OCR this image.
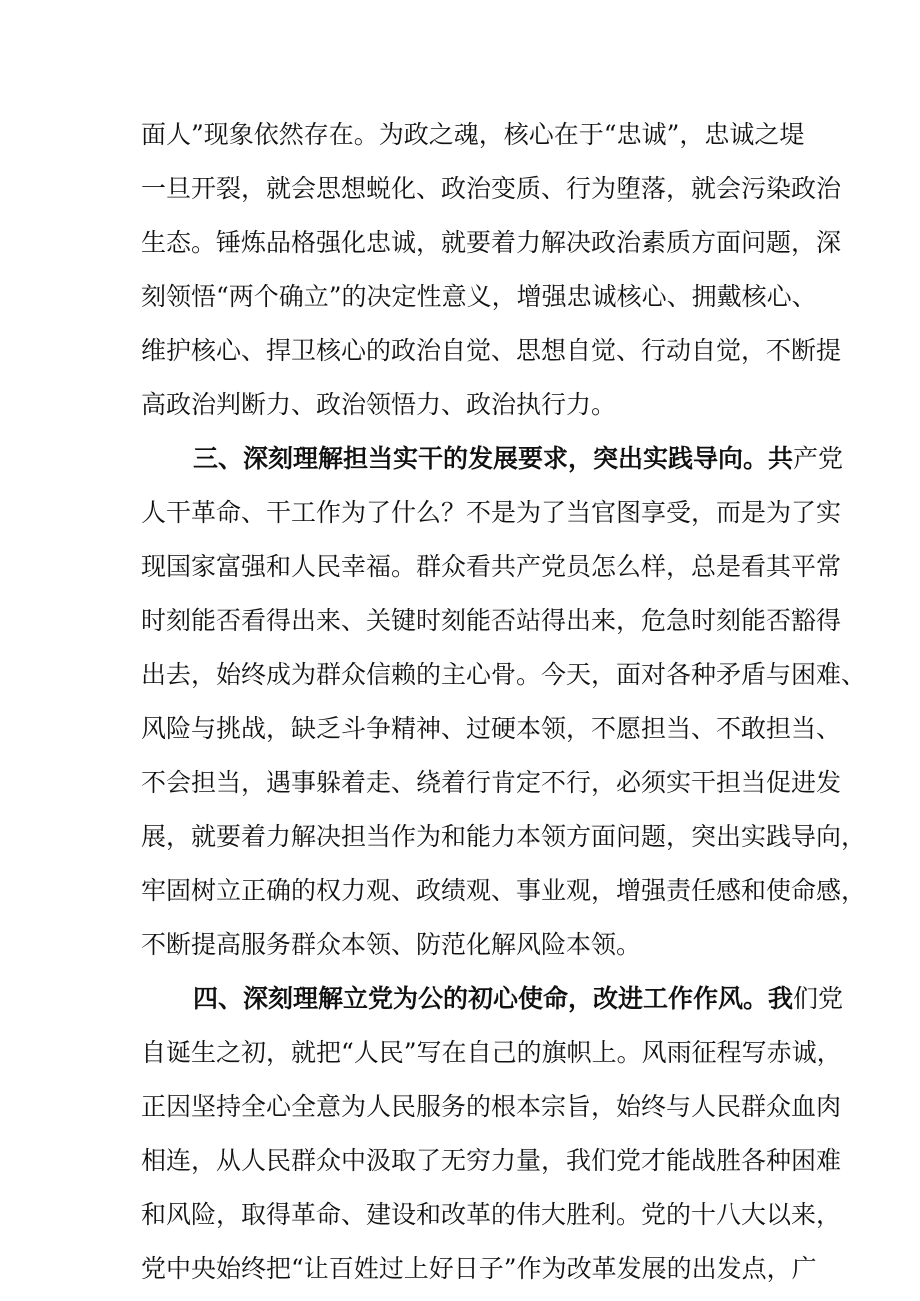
面人”现象依然存在。为政之魂，核心在于“忠诚”，忠诚之堤
一旦开裂，就会思想蜕化、政治变质、行为堕落，就会污染政治
生态。锤炼品格强化忠诚，就要着力解决政治素质方面问题，深
刻领悟“两个确立”的决定性意义，增强忠诚核心、拥戴核心、
维护核心、捍卫核心的政治自觉、思想自觉、行动自觉，不断提
高政治判断力、政治领悟力、政治执行力。
三、深刻理解担当实干的发展要求，突出实践导向。共产党
人干革命、干工作为了什么？不是为了当官图享受，而是为了实
现国家富强和人民幸福。群众看共产党员怎么样，总是看其平常
时刻能否看得出来、关键时刻能否站得出来，危急时刻能否豁得
出去，始终成为群众信赖的主心骨。今天，面对各种矛盾与困难、
风险与挑战，缺乏斗争精神、过硬本领，不愿担当、不敢担当、
不会担当，遇事躲着走、绕着行肯定不行，必须实干担当促进发
展，就要着力解决担当作为和能力本领方面问题，突出实践导向，
牢固树立正确的权力观、政绩观、事业观，增强责任感和使命感，
不断提高服务群众本领、防范化解风险本领。
四、深刻理解立党为公的初心使命，改进工作作风。我们党
自诞生之初，就把“人民”写在自己的旗帜上。风雨征程写赤诚，
正因坚持全心全意为人民服务的根本宗旨，始终与人民群众血肉
相连，从人民群众中汲取了无穷力量，我们党才能战胜各种困难
和风险，取得革命、建设和改革的伟大胜利。党的十八大以来，
党中央始终把“让百姓过上好日子”作为改革发展的出发点，广
